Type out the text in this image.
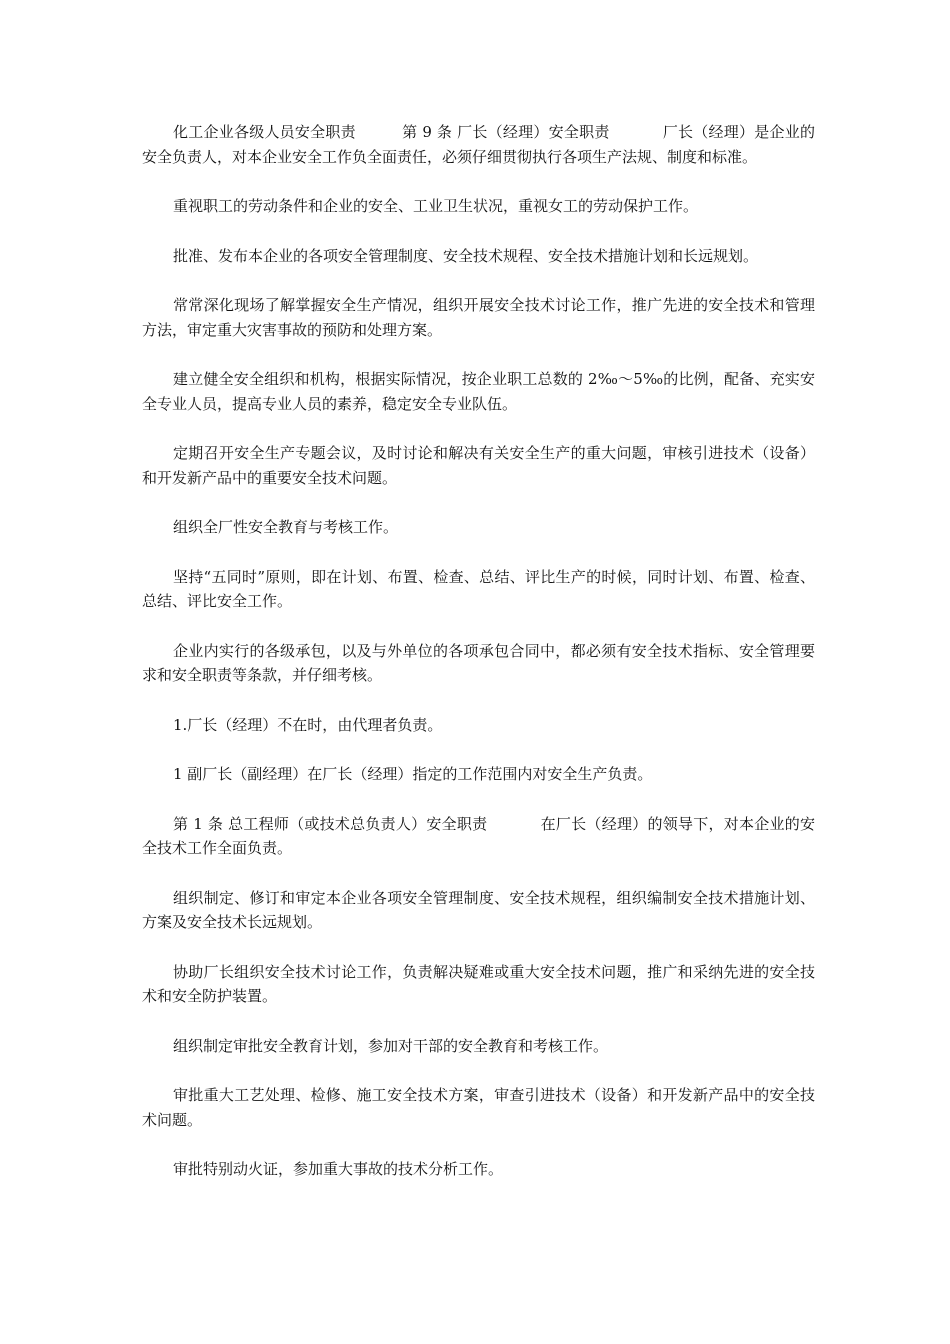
化工企业各级人员安全职责	第 9 条 厂长（经理）安全职责	厂长（经理）是企业的安全负责人，对本企业安全工作负全面责任，必须仔细贯彻执行各项生产法规、制度和标准。

重视职工的劳动条件和企业的安全、工业卫生状况，重视女工的劳动保护工作。

批准、发布本企业的各项安全管理制度、安全技术规程、安全技术措施计划和长远规划。

常常深化现场了解掌握安全生产情况，组织开展安全技术讨论工作，推广先进的安全技术和管理方法，审定重大灾害事故的预防和处理方案。

建立健全安全组织和机构，根据实际情况，按企业职工总数的 2‰～5‰的比例，配备、充实安全专业人员，提高专业人员的素养，稳定安全专业队伍。

定期召开安全生产专题会议，及时讨论和解决有关安全生产的重大问题，审核引进技术（设备）和开发新产品中的重要安全技术问题。

组织全厂性安全教育与考核工作。

坚持“五同时”原则，即在计划、布置、检查、总结、评比生产的时候，同时计划、布置、检查、总结、评比安全工作。

企业内实行的各级承包，以及与外单位的各项承包合同中，都必须有安全技术指标、安全管理要求和安全职责等条款，并仔细考核。

1.厂长（经理）不在时，由代理者负责。

1 副厂长（副经理）在厂长（经理）指定的工作范围内对安全生产负责。

第 1 条 总工程师（或技术总负责人）安全职责	在厂长（经理）的领导下，对本企业的安全技术工作全面负责。

组织制定、修订和审定本企业各项安全管理制度、安全技术规程，组织编制安全技术措施计划、方案及安全技术长远规划。

协助厂长组织安全技术讨论工作，负责解决疑难或重大安全技术问题，推广和采纳先进的安全技术和安全防护装置。

组织制定审批安全教育计划，参加对干部的安全教育和考核工作。

审批重大工艺处理、检修、施工安全技术方案，审查引进技术（设备）和开发新产品中的安全技术问题。

审批特别动火证，参加重大事故的技术分析工作。
